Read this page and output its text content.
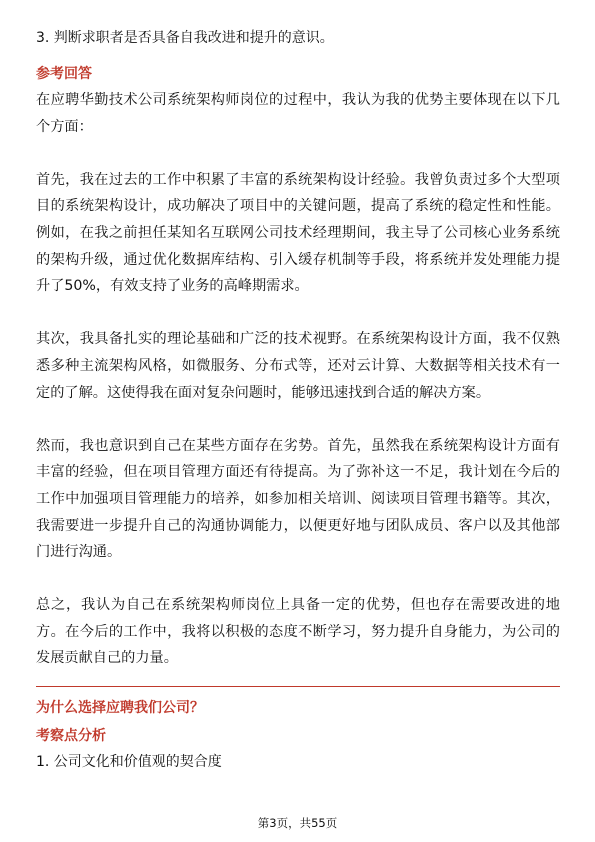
3. 判断求职者是否具备自我改进和提升的意识。

参考回答

在应聘华勤技术公司系统架构师岗位的过程中，我认为我的优势主要体现在以下几个方面：

首先，我在过去的工作中积累了丰富的系统架构设计经验。我曾负责过多个大型项目的系统架构设计，成功解决了项目中的关键问题，提高了系统的稳定性和性能。例如，在我之前担任某知名互联网公司技术经理期间，我主导了公司核心业务系统的架构升级，通过优化数据库结构、引入缓存机制等手段，将系统并发处理能力提升了50%，有效支持了业务的高峰期需求。

其次，我具备扎实的理论基础和广泛的技术视野。在系统架构设计方面，我不仅熟悉多种主流架构风格，如微服务、分布式等，还对云计算、大数据等相关技术有一定的了解。这使得我在面对复杂问题时，能够迅速找到合适的解决方案。

然而，我也意识到自己在某些方面存在劣势。首先，虽然我在系统架构设计方面有丰富的经验，但在项目管理方面还有待提高。为了弥补这一不足，我计划在今后的工作中加强项目管理能力的培养，如参加相关培训、阅读项目管理书籍等。其次，我需要进一步提升自己的沟通协调能力，以便更好地与团队成员、客户以及其他部门进行沟通。

总之，我认为自己在系统架构师岗位上具备一定的优势，但也存在需要改进的地方。在今后的工作中，我将以积极的态度不断学习，努力提升自身能力，为公司的发展贡献自己的力量。

为什么选择应聘我们公司？

考察点分析

1. 公司文化和价值观的契合度

第3页，共55页
